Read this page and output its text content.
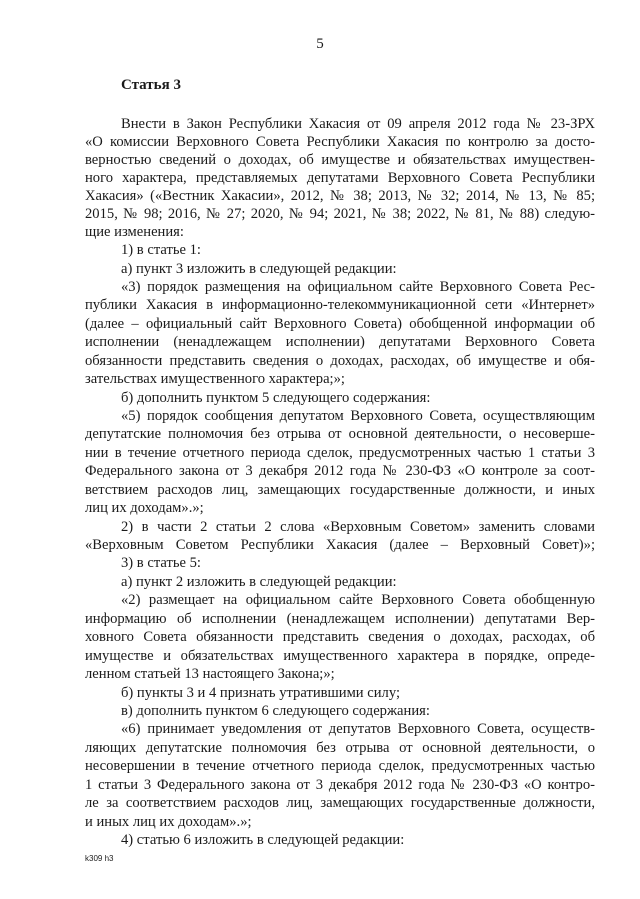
5
Статья 3
Внести в Закон Республики Хакасия от 09 апреля 2012 года № 23-ЗРХ
«О комиссии Верховного Совета Республики Хакасия по контролю за досто-
верностью сведений о доходах, об имуществе и обязательствах имуществен-
ного характера, представляемых депутатами Верховного Совета Республики
Хакасия» («Вестник Хакасии», 2012, № 38; 2013, № 32; 2014, № 13, № 85;
2015, № 98; 2016, № 27; 2020, № 94; 2021, № 38; 2022, № 81, № 88) следую-
щие изменения:
1) в статье 1:
а) пункт 3 изложить в следующей редакции:
«3) порядок размещения на официальном сайте Верховного Совета Рес-
публики Хакасия в информационно-телекоммуникационной сети «Интернет»
(далее – официальный сайт Верховного Совета) обобщенной информации об
исполнении (ненадлежащем исполнении) депутатами Верховного Совета
обязанности представить сведения о доходах, расходах, об имуществе и обя-
зательствах имущественного характера;»;
б) дополнить пунктом 5 следующего содержания:
«5) порядок сообщения депутатом Верховного Совета, осуществляющим
депутатские полномочия без отрыва от основной деятельности, о несоверше-
нии в течение отчетного периода сделок, предусмотренных частью 1 статьи 3
Федерального закона от 3 декабря 2012 года № 230-ФЗ «О контроле за соот-
ветствием расходов лиц, замещающих государственные должности, и иных
лиц их доходам».»;
2) в части 2 статьи 2 слова «Верховным Советом» заменить словами
«Верховным Советом Республики Хакасия (далее – Верховный Совет)»;
3) в статье 5:
а) пункт 2 изложить в следующей редакции:
«2) размещает на официальном сайте Верховного Совета обобщенную
информацию об исполнении (ненадлежащем исполнении) депутатами Вер-
ховного Совета обязанности представить сведения о доходах, расходах, об
имуществе и обязательствах имущественного характера в порядке, опреде-
ленном статьей 13 настоящего Закона;»;
б) пункты 3 и 4 признать утратившими силу;
в) дополнить пунктом 6 следующего содержания:
«6) принимает уведомления от депутатов Верховного Совета, осуществ-
ляющих депутатские полномочия без отрыва от основной деятельности, о
несовершении в течение отчетного периода сделок, предусмотренных частью
1 статьи 3 Федерального закона от 3 декабря 2012 года № 230-ФЗ «О контро-
ле за соответствием расходов лиц, замещающих государственные должности,
и иных лиц их доходам».»;
4) статью 6 изложить в следующей редакции:
k309 h3
